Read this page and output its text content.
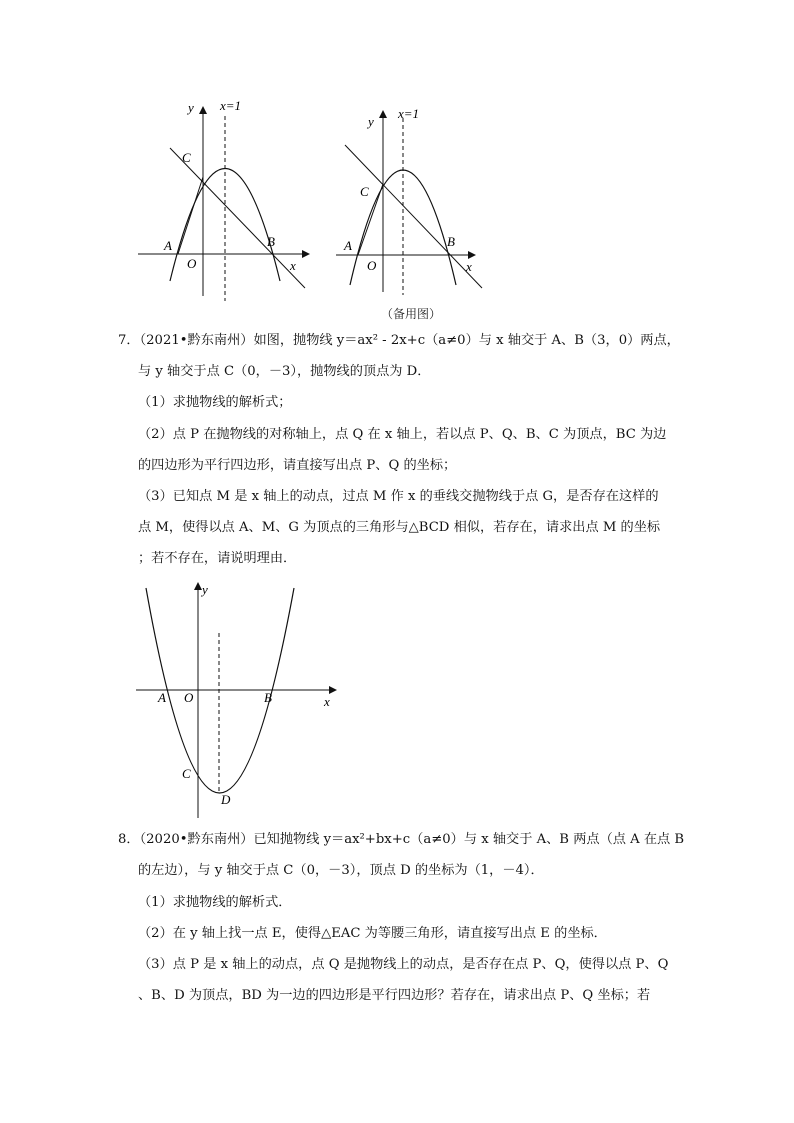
y x=1
C
A
O
B
x
y
x=1
C
A
O
B
x
（备用图）
7．（2021•黔东南州）如图，抛物线 y＝ax² - 2x+c（a≠0）与 x 轴交于 A、B（3，0）两点，
与 y 轴交于点 C（0，－3），抛物线的顶点为 D．
（1）求抛物线的解析式；
（2）点 P 在抛物线的对称轴上，点 Q 在 x 轴上，若以点 P、Q、B、C 为顶点，BC 为边
的四边形为平行四边形，请直接写出点 P、Q 的坐标；
（3）已知点 M 是 x 轴上的动点，过点 M 作 x 的垂线交抛物线于点 G，是否存在这样的
点 M，使得以点 A、M、G 为顶点的三角形与△BCD 相似，若存在，请求出点 M 的坐标
；若不存在，请说明理由．
y
A O	B	x
C
D
8．（2020•黔东南州）已知抛物线 y＝ax²+bx+c（a≠0）与 x 轴交于 A、B 两点（点 A 在点 B
的左边），与 y 轴交于点 C（0，－3），顶点 D 的坐标为（1，－4）．
（1）求抛物线的解析式．
（2）在 y 轴上找一点 E，使得△EAC 为等腰三角形，请直接写出点 E 的坐标．
（3）点 P 是 x 轴上的动点，点 Q 是抛物线上的动点，是否存在点 P、Q，使得以点 P、Q
、B、D 为顶点，BD 为一边的四边形是平行四边形？若存在，请求出点 P、Q 坐标；若
